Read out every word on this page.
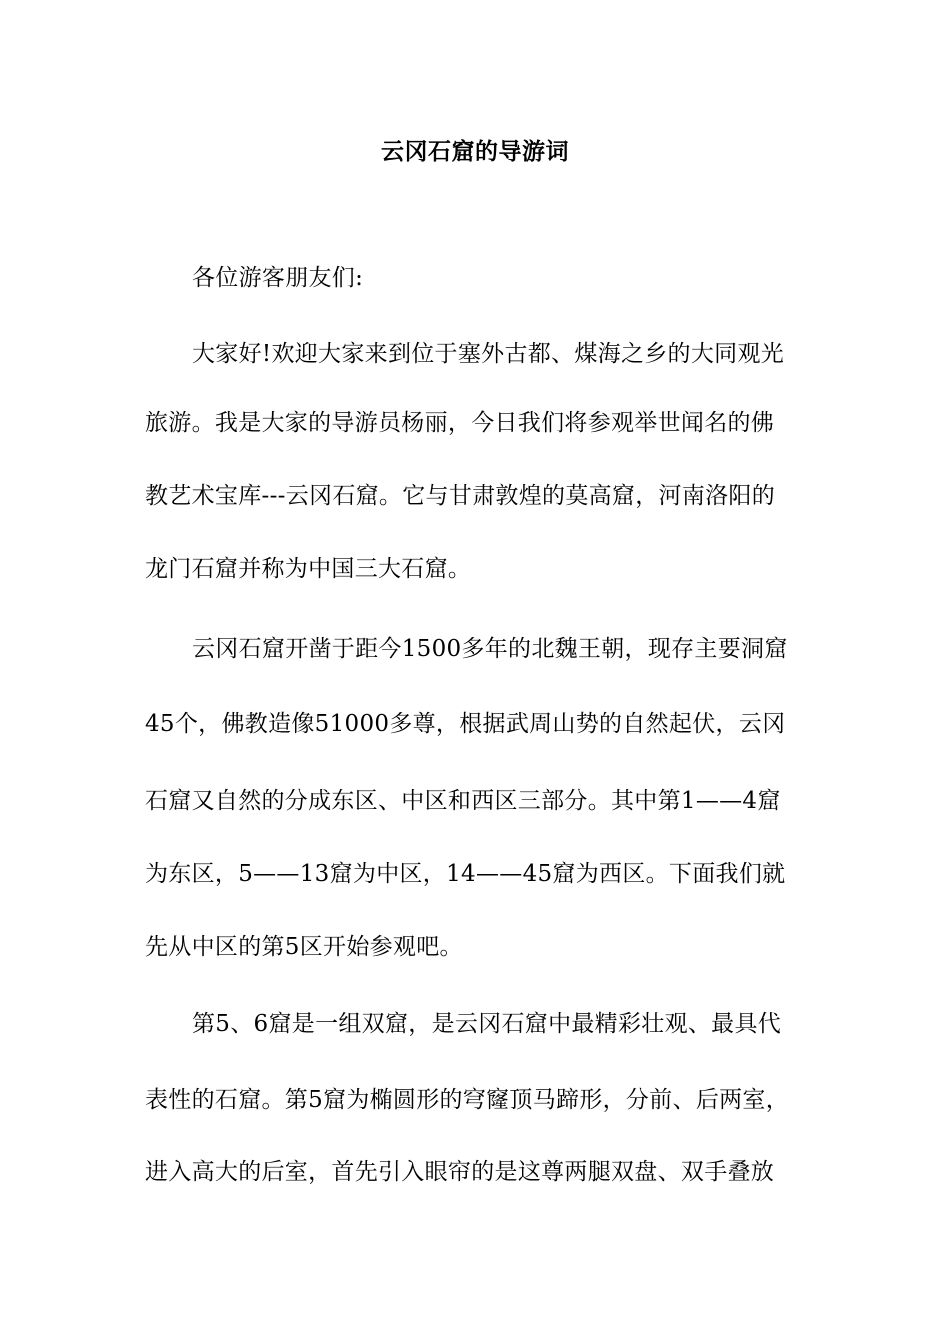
云冈石窟的导游词
各位游客朋友们:
大家好!欢迎大家来到位于塞外古都、煤海之乡的大同观光
旅游。我是大家的导游员杨丽，今日我们将参观举世闻名的佛
教艺术宝库---云冈石窟。它与甘肃敦煌的莫高窟，河南洛阳的
龙门石窟并称为中国三大石窟。
云冈石窟开凿于距今1500多年的北魏王朝，现存主要洞窟
45个，佛教造像51000多尊，根据武周山势的自然起伏，云冈
石窟又自然的分成东区、中区和西区三部分。其中第1——4窟
为东区，5——13窟为中区，14——45窟为西区。下面我们就
先从中区的第5区开始参观吧。
第5、6窟是一组双窟，是云冈石窟中最精彩壮观、最具代
表性的石窟。第5窟为椭圆形的穹窿顶马蹄形，分前、后两室，
进入高大的后室，首先引入眼帘的是这尊两腿双盘、双手叠放
